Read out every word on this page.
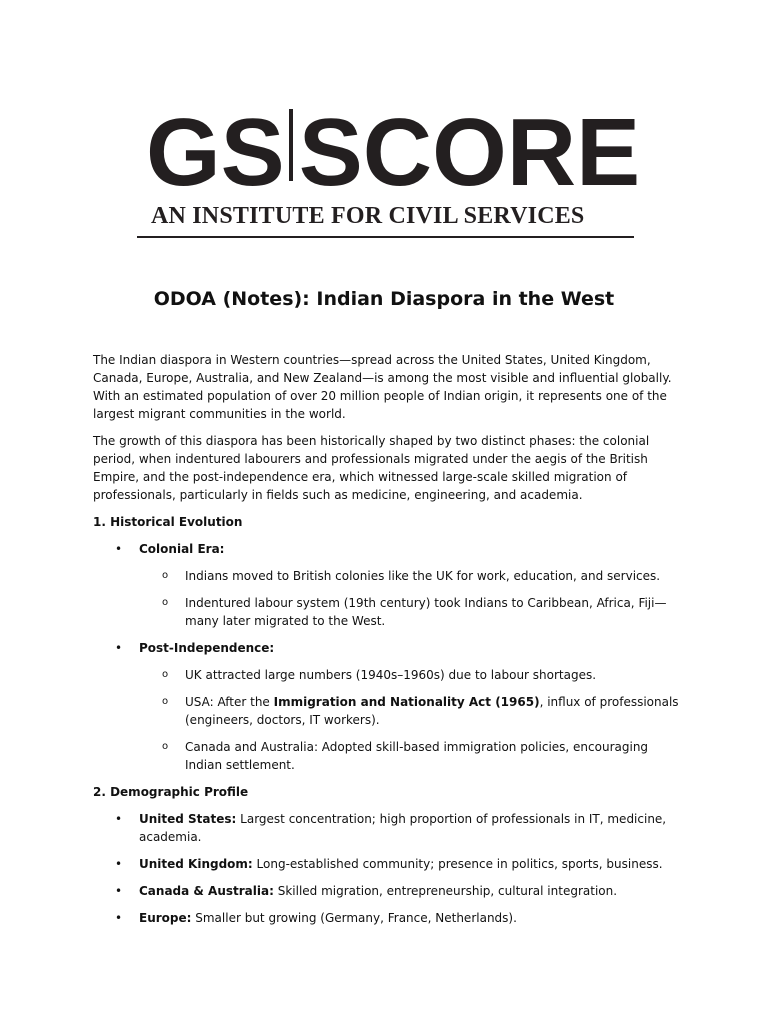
GS SCORE
AN INSTITUTE FOR CIVIL SERVICES
ODOA (Notes): Indian Diaspora in the West

The Indian diaspora in Western countries—spread across the United States, United Kingdom, Canada, Europe, Australia, and New Zealand—is among the most visible and influential globally. With an estimated population of over 20 million people of Indian origin, it represents one of the largest migrant communities in the world.

The growth of this diaspora has been historically shaped by two distinct phases: the colonial period, when indentured labourers and professionals migrated under the aegis of the British Empire, and the post-independence era, which witnessed large-scale skilled migration of professionals, particularly in fields such as medicine, engineering, and academia.

1. Historical Evolution
• Colonial Era:
o Indians moved to British colonies like the UK for work, education, and services.
o Indentured labour system (19th century) took Indians to Caribbean, Africa, Fiji—many later migrated to the West.
• Post-Independence:
o UK attracted large numbers (1940s–1960s) due to labour shortages.
o USA: After the Immigration and Nationality Act (1965), influx of professionals (engineers, doctors, IT workers).
o Canada and Australia: Adopted skill-based immigration policies, encouraging Indian settlement.
2. Demographic Profile
• United States: Largest concentration; high proportion of professionals in IT, medicine, academia.
• United Kingdom: Long-established community; presence in politics, sports, business.
• Canada & Australia: Skilled migration, entrepreneurship, cultural integration.
• Europe: Smaller but growing (Germany, France, Netherlands).
